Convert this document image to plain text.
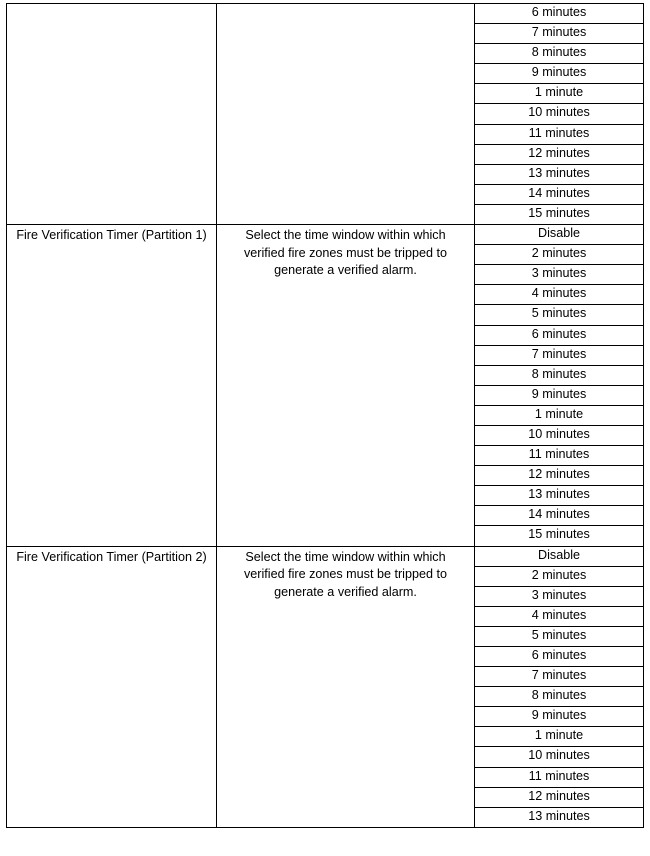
		6 minutes
		7 minutes
		8 minutes
		9 minutes
		1 minute
		10 minutes
		11 minutes
		12 minutes
		13 minutes
		14 minutes
		15 minutes
Fire Verification Timer (Partition 1)	Select the time window within which verified fire zones must be tripped to generate a verified alarm.	Disable
		2 minutes
		3 minutes
		4 minutes
		5 minutes
		6 minutes
		7 minutes
		8 minutes
		9 minutes
		1 minute
		10 minutes
		11 minutes
		12 minutes
		13 minutes
		14 minutes
		15 minutes
Fire Verification Timer (Partition 2)	Select the time window within which verified fire zones must be tripped to generate a verified alarm.	Disable
		2 minutes
		3 minutes
		4 minutes
		5 minutes
		6 minutes
		7 minutes
		8 minutes
		9 minutes
		1 minute
		10 minutes
		11 minutes
		12 minutes
		13 minutes
